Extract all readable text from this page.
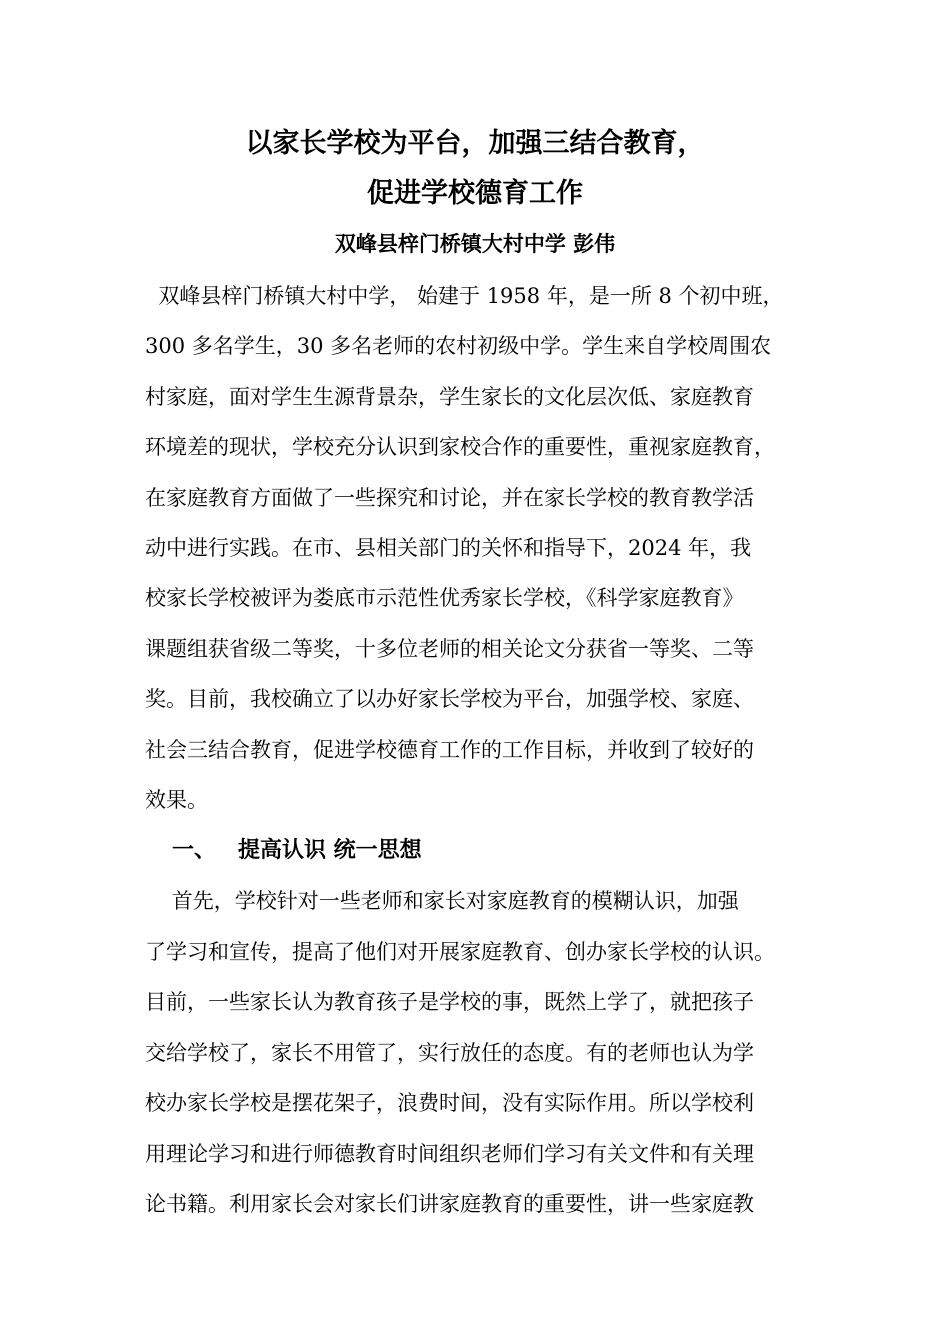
以家长学校为平台，加强三结合教育，
促进学校德育工作
双峰县梓门桥镇大村中学 彭伟
双峰县梓门桥镇大村中学， 始建于 1958 年，是一所 8 个初中班，
300 多名学生，30 多名老师的农村初级中学。学生来自学校周围农
村家庭，面对学生生源背景杂，学生家长的文化层次低、家庭教育
环境差的现状，学校充分认识到家校合作的重要性，重视家庭教育，
在家庭教育方面做了一些探究和讨论，并在家长学校的教育教学活
动中进行实践。在市、县相关部门的关怀和指导下，2024 年，我
校家长学校被评为娄底市示范性优秀家长学校，《科学家庭教育》
课题组获省级二等奖，十多位老师的相关论文分获省一等奖、二等
奖。目前，我校确立了以办好家长学校为平台，加强学校、家庭、
社会三结合教育，促进学校德育工作的工作目标，并收到了较好的
效果。
一、 提高认识 统一思想
首先，学校针对一些老师和家长对家庭教育的模糊认识，加强
了学习和宣传，提高了他们对开展家庭教育、创办家长学校的认识。
目前，一些家长认为教育孩子是学校的事，既然上学了，就把孩子
交给学校了，家长不用管了，实行放任的态度。有的老师也认为学
校办家长学校是摆花架子，浪费时间，没有实际作用。所以学校利
用理论学习和进行师德教育时间组织老师们学习有关文件和有关理
论书籍。利用家长会对家长们讲家庭教育的重要性，讲一些家庭教
